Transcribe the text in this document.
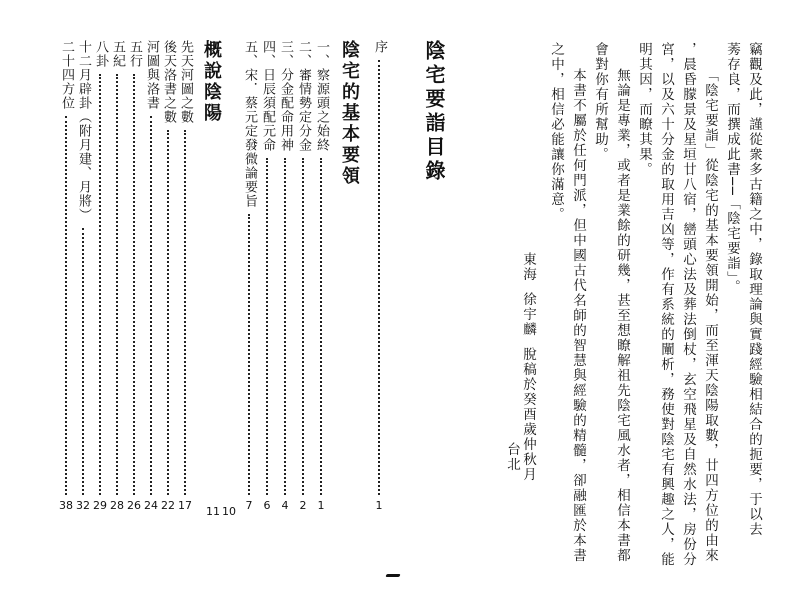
竊觀及此，謹從衆多古籍之中，錄取理論與實踐經驗相結合的扼要，于以去
莠存良，而撰成此書──「陰宅要詣」。
「陰宅要詣」從陰宅的基本要領開始，而至渾天陰陽取數，廿四方位的由來
，晨昏朦景及星垣廿八宿，巒頭心法及葬法倒杖，玄空飛星及自然水法，房份分
宮，以及六十分金的取用吉凶等，作有系統的闡析，務使對陰宅有興趣之人，能
明其因，而瞭其果。
無論是專業，或者是業餘的研幾，甚至想瞭解祖先陰宅風水者，相信本書都
會對你有所幫助。
本書不屬於任何門派，但中國古代名師的智慧與經驗的精髓，卻融匯於本書
之中，相信必能讓你滿意。
東海
徐宇麟
脫稿於癸酉歲仲秋月
台北
陰宅要詣目錄
序
1
陰宅的基本要領
一、察源頭之始終
1
二、審情勢定分金
2
三、分金配命用神
4
四、日辰須配元命
6
五、宋．蔡元定發微論要旨
7
10
11
概說陰陽
先天河圖之數
17
後天洛書之數
22
河圖與洛書
24
五行
26
五紀
28
八卦
29
十二月辟卦（附月建、月將）
32
二十四方位
38
